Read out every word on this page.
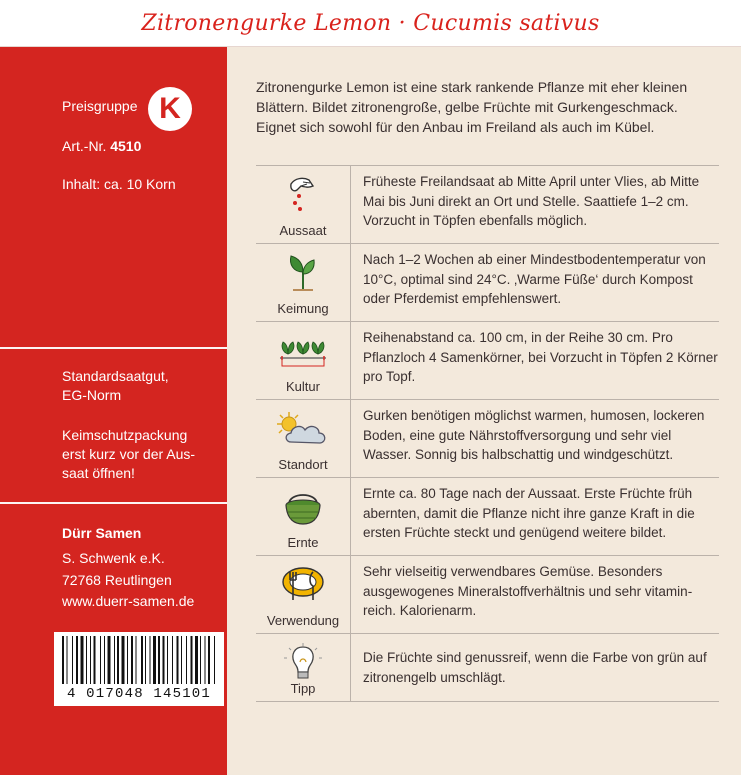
Zitronengurke Lemon · Cucumis sativus
Preisgruppe K
Art.-Nr. 4510
Inhalt: ca. 10 Korn
Standardsaatgut,
EG-Norm
Keimschutzpackung
erst kurz vor der Aus-
saat öffnen!
Dürr Samen
S. Schwenk e.K.
72768 Reutlingen
www.duerr-samen.de
4 017048 145101
Zitronengurke Lemon ist eine stark rankende Pflanze mit eher kleinen Blättern. Bildet zitronengroße, gelbe Früchte mit Gurkengeschmack. Eignet sich sowohl für den Anbau im Freiland als auch im Kübel.
Aussaat
Früheste Freilandsaat ab Mitte April unter Vlies, ab Mitte Mai bis Juni direkt an Ort und Stelle. Saattiefe 1–2 cm. Vorzucht in Töpfen ebenfalls möglich.
Keimung
Nach 1–2 Wochen ab einer Mindestbodentemperatur von 10°C, optimal sind 24°C. ‚Warme Füße‘ durch Kompost oder Pferdemist empfehlenswert.
Kultur
Reihenabstand ca. 100 cm, in der Reihe 30 cm. Pro Pflanzloch 4 Samenkörner, bei Vorzucht in Töpfen 2 Körner pro Topf.
Standort
Gurken benötigen möglichst warmen, humosen, lockeren Boden, eine gute Nährstoffversorgung und sehr viel Wasser. Sonnig bis halbschattig und windgeschützt.
Ernte
Ernte ca. 80 Tage nach der Aussaat. Erste Früchte früh abernten, damit die Pflanze nicht ihre ganze Kraft in die ersten Früchte steckt und genügend weitere bildet.
Verwendung
Sehr vielseitig verwendbares Gemüse. Besonders ausgewogenes Mineralstoffverhältnis und sehr vitaminreich. Kalorienarm.
Tipp
Die Früchte sind genussreif, wenn die Farbe von grün auf zitronengelb umschlägt.
